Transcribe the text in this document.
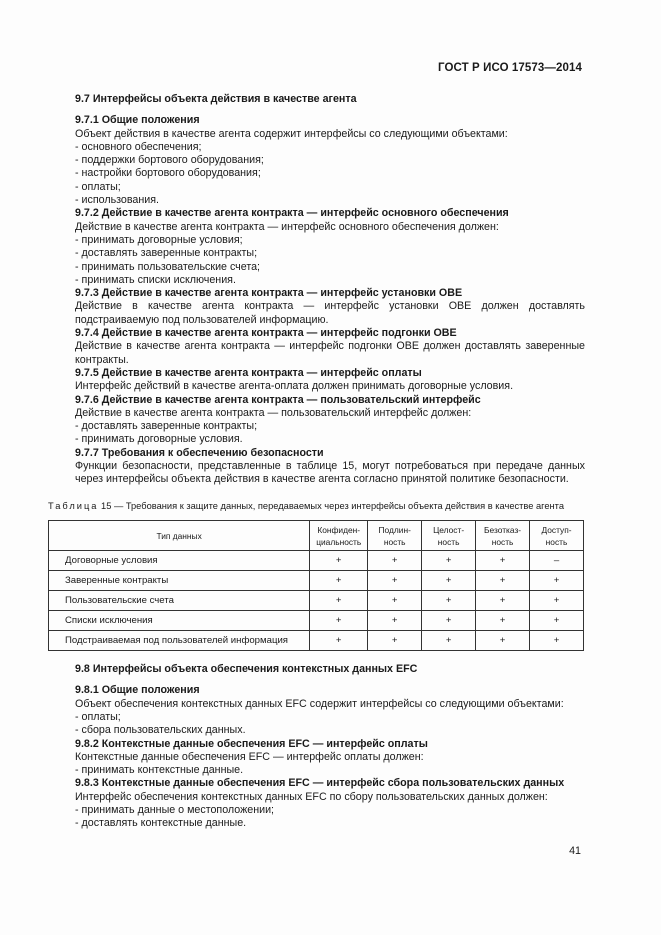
ГОСТ Р ИСО 17573—2014

9.7 Интерфейсы объекта действия в качестве агента

9.7.1 Общие положения

Объект действия в качестве агента содержит интерфейсы со следующими объектами:

- основного обеспечения;

- поддержки бортового оборудования;

- настройки бортового оборудования;

- оплаты;

- использования.

9.7.2 Действие в качестве агента контракта — интерфейс основного обеспечения

Действие в качестве агента контракта — интерфейс основного обеспечения должен:

- принимать договорные условия;

- доставлять заверенные контракты;

- принимать пользовательские счета;

- принимать списки исключения.

9.7.3 Действие в качестве агента контракта — интерфейс установки OBE

Действие в качестве агента контракта — интерфейс установки OBE должен доставлять подстраиваемую под пользователей информацию.

9.7.4 Действие в качестве агента контракта — интерфейс подгонки OBE

Действие в качестве агента контракта — интерфейс подгонки OBE должен доставлять заверенные контракты.

9.7.5 Действие в качестве агента контракта — интерфейс оплаты

Интерфейс действий в качестве агента-оплата должен принимать договорные условия.

9.7.6 Действие в качестве агента контракта — пользовательский интерфейс

Действие в качестве агента контракта — пользовательский интерфейс должен:

- доставлять заверенные контракты;

- принимать договорные условия.

9.7.7 Требования к обеспечению безопасности

Функции безопасности, представленные в таблице 15, могут потребоваться при передаче данных через интерфейсы объекта действия в качестве агента согласно принятой политике безопасности.

Таблица 15 — Требования к защите данных, передаваемых через интерфейсы объекта действия в качестве агента

Тип данных	Конфиден-циальность	Подлин-ность	Целост-ность	Безотказ-ность	Доступ-ность
Договорные условия	+	+	+	+	–
Заверенные контракты	+	+	+	+	+
Пользовательские счета	+	+	+	+	+
Списки исключения	+	+	+	+	+
Подстраиваемая под пользователей информация	+	+	+	+	+

9.8 Интерфейсы объекта обеспечения контекстных данных EFC

9.8.1 Общие положения

Объект обеспечения контекстных данных EFC содержит интерфейсы со следующими объектами:

- оплаты;

- сбора пользовательских данных.

9.8.2 Контекстные данные обеспечения EFC — интерфейс оплаты

Контекстные данные обеспечения EFC — интерфейс оплаты должен:

- принимать контекстные данные.

9.8.3 Контекстные данные обеспечения EFC — интерфейс сбора пользовательских данных

Интерфейс обеспечения контекстных данных EFC по сбору пользовательских данных должен:

- принимать данные о местоположении;

- доставлять контекстные данные.

41
